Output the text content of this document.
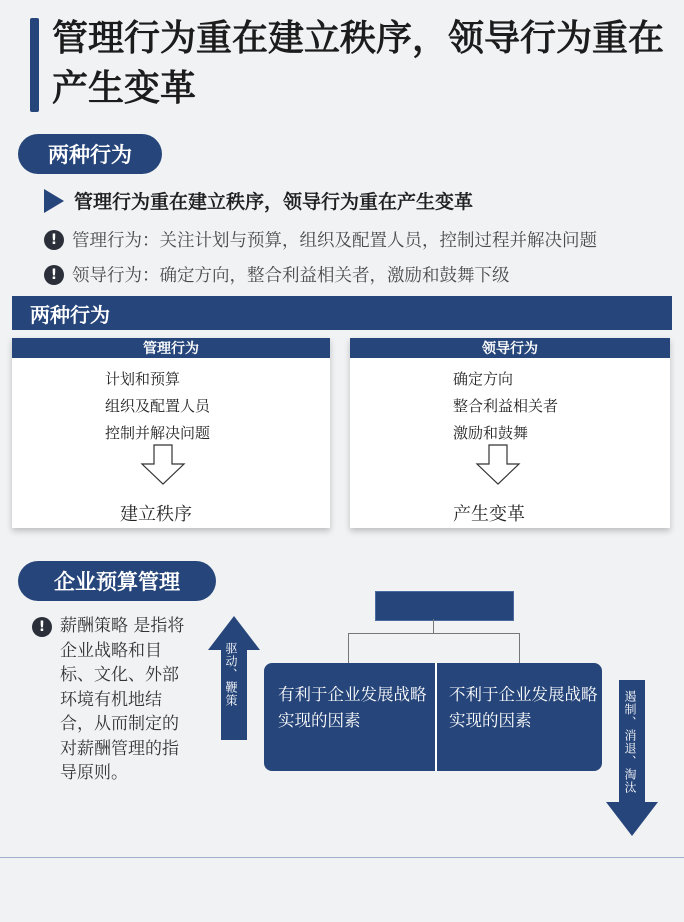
管理行为重在建立秩序，领导行为重在产生变革
两种行为
管理行为重在建立秩序，领导行为重在产生变革
! 管理行为：关注计划与预算，组织及配置人员，控制过程并解决问题
! 领导行为：确定方向，整合利益相关者，激励和鼓舞下级
两种行为
管理行为
计划和预算
组织及配置人员
控制并解决问题
建立秩序
领导行为
确定方向
整合利益相关者
激励和鼓舞
产生变革
企业预算管理
! 薪酬策略 是指将企业战略和目标、文化、外部环境有机地结合，从而制定的对薪酬管理的指导原则。
驱动、鞭策 有利于企业发展战略实现的因素
不利于企业发展战略实现的因素	遏制、消退、淘汰
